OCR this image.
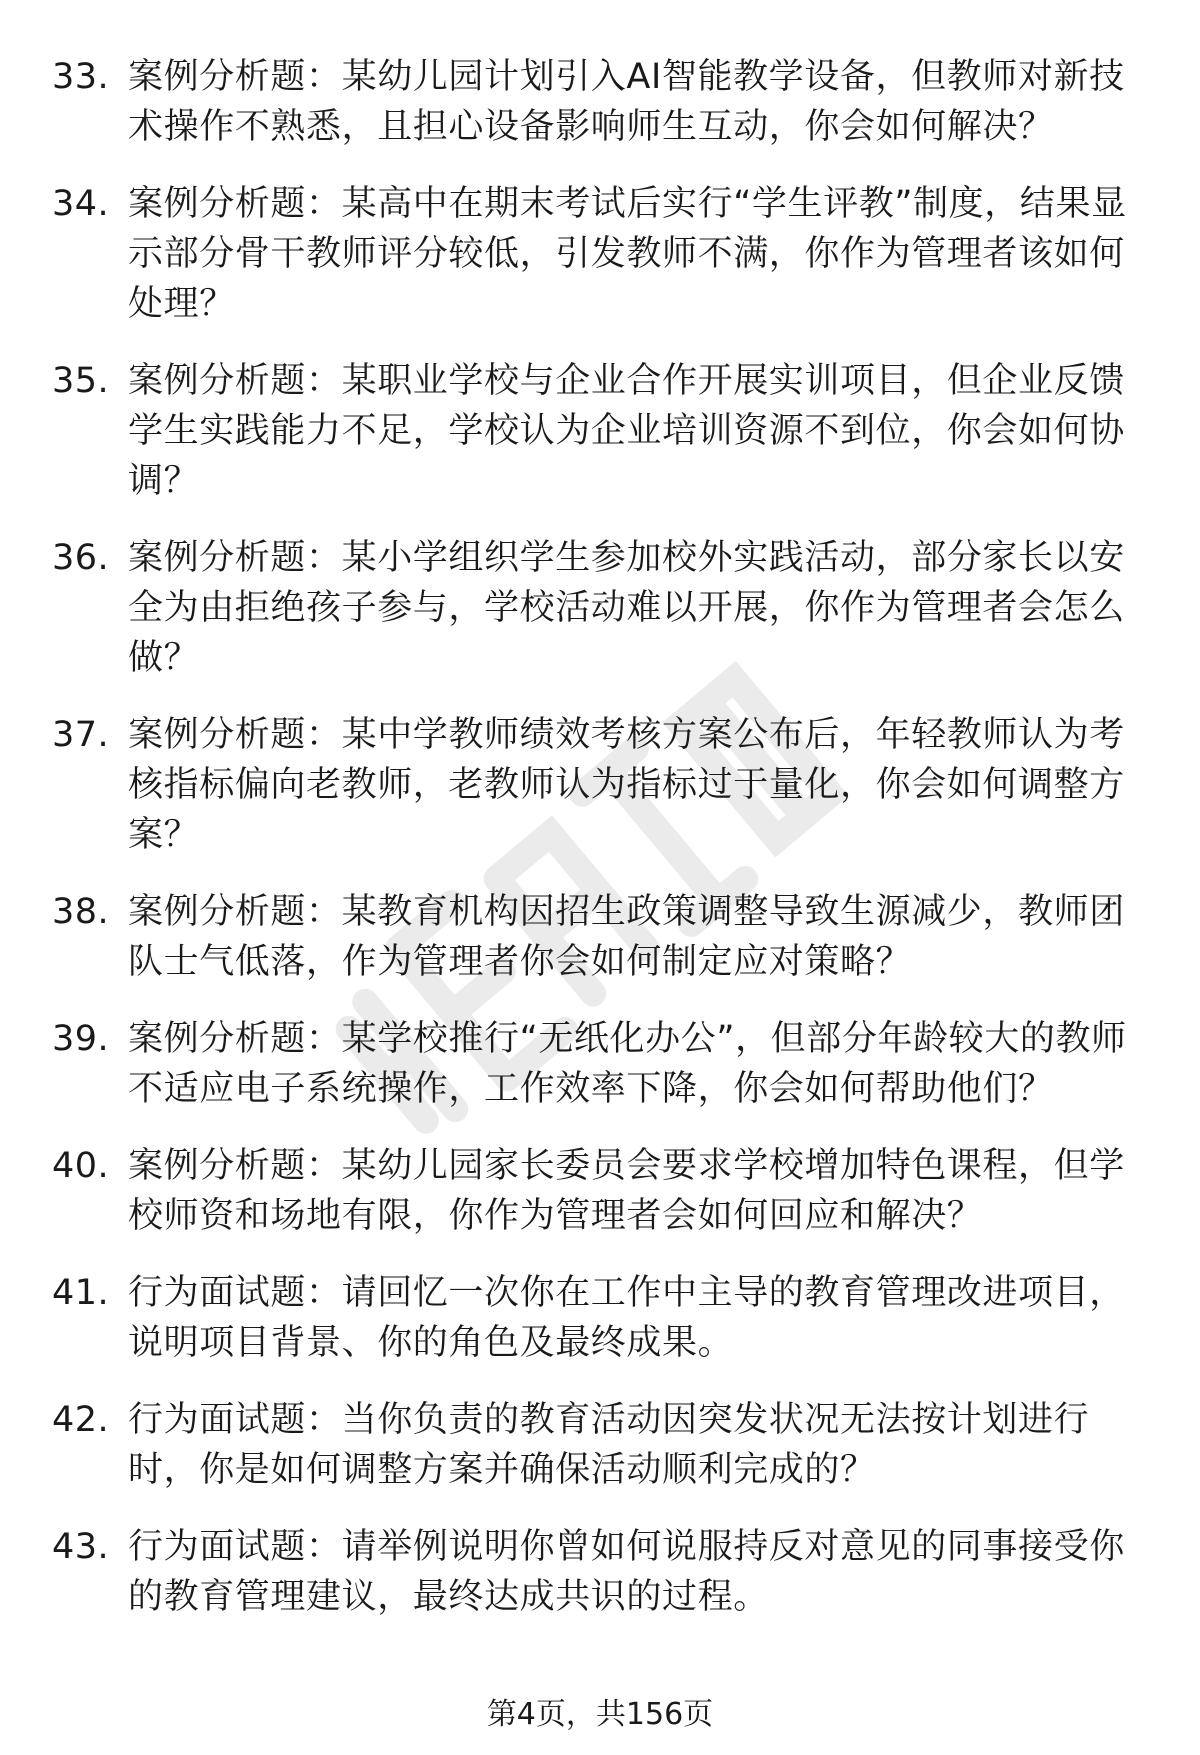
33. 案例分析题：某幼儿园计划引入AI智能教学设备，但教师对新技术操作不熟悉，且担心设备影响师生互动，你会如何解决？
34. 案例分析题：某高中在期末考试后实行“学生评教”制度，结果显示部分骨干教师评分较低，引发教师不满，你作为管理者该如何处理？
35. 案例分析题：某职业学校与企业合作开展实训项目，但企业反馈学生实践能力不足，学校认为企业培训资源不到位，你会如何协调？
36. 案例分析题：某小学组织学生参加校外实践活动，部分家长以安全为由拒绝孩子参与，学校活动难以开展，你作为管理者会怎么做？
37. 案例分析题：某中学教师绩效考核方案公布后，年轻教师认为考核指标偏向老教师，老教师认为指标过于量化，你会如何调整方案？
38. 案例分析题：某教育机构因招生政策调整导致生源减少，教师团队士气低落，作为管理者你会如何制定应对策略？
39. 案例分析题：某学校推行“无纸化办公”，但部分年龄较大的教师不适应电子系统操作，工作效率下降，你会如何帮助他们？
40. 案例分析题：某幼儿园家长委员会要求学校增加特色课程，但学校师资和场地有限，你作为管理者会如何回应和解决？
41. 行为面试题：请回忆一次你在工作中主导的教育管理改进项目，说明项目背景、你的角色及最终成果。
42. 行为面试题：当你负责的教育活动因突发状况无法按计划进行时，你是如何调整方案并确保活动顺利完成的？
43. 行为面试题：请举例说明你曾如何说服持反对意见的同事接受你的教育管理建议，最终达成共识的过程。
第4页，共156页
